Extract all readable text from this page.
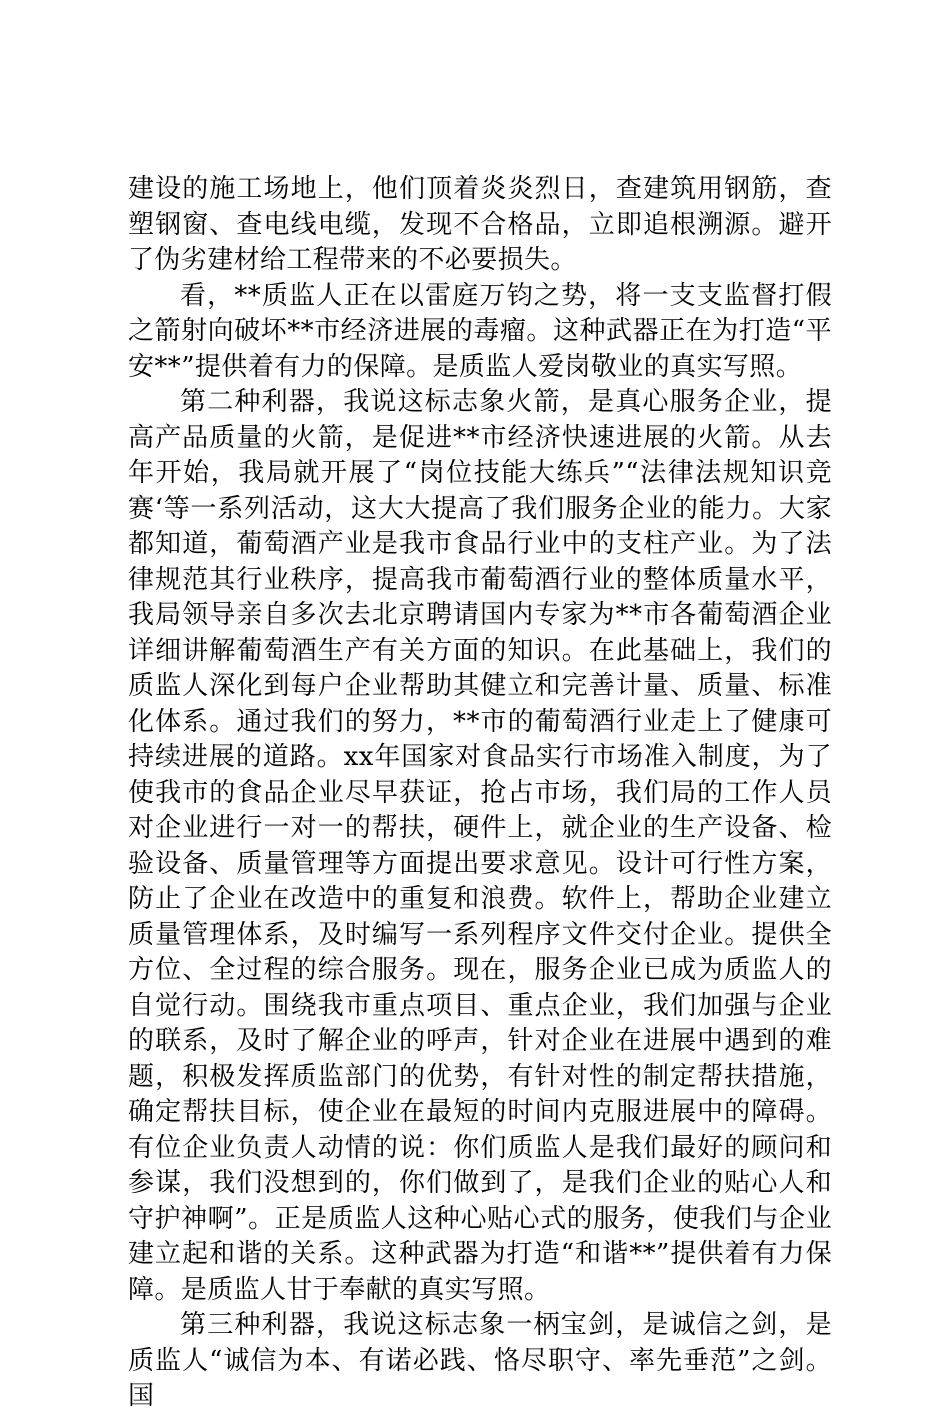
建设的施工场地上，他们顶着炎炎烈日，查建筑用钢筋，查塑钢窗、查电线电缆，发现不合格品，立即追根溯源。避开了伪劣建材给工程带来的不必要损失。

看，**质监人正在以雷庭万钧之势，将一支支监督打假之箭射向破坏**市经济进展的毒瘤。这种武器正在为打造“平安**”提供着有力的保障。是质监人爱岗敬业的真实写照。

第二种利器，我说这标志象火箭，是真心服务企业，提高产品质量的火箭，是促进**市经济快速进展的火箭。从去年开始，我局就开展了“岗位技能大练兵”“法律法规知识竞赛‘等一系列活动，这大大提高了我们服务企业的能力。大家都知道，葡萄酒产业是我市食品行业中的支柱产业。为了法律规范其行业秩序，提高我市葡萄酒行业的整体质量水平，我局领导亲自多次去北京聘请国内专家为**市各葡萄酒企业详细讲解葡萄酒生产有关方面的知识。在此基础上，我们的质监人深化到每户企业帮助其健立和完善计量、质量、标准化体系。通过我们的努力，**市的葡萄酒行业走上了健康可持续进展的道路。xx年国家对食品实行市场准入制度，为了使我市的食品企业尽早获证，抢占市场，我们局的工作人员对企业进行一对一的帮扶，硬件上，就企业的生产设备、检验设备、质量管理等方面提出要求意见。设计可行性方案，防止了企业在改造中的重复和浪费。软件上，帮助企业建立质量管理体系，及时编写一系列程序文件交付企业。提供全方位、全过程的综合服务。现在，服务企业已成为质监人的自觉行动。围绕我市重点项目、重点企业，我们加强与企业的联系，及时了解企业的呼声，针对企业在进展中遇到的难题，积极发挥质监部门的优势，有针对性的制定帮扶措施，确定帮扶目标，使企业在最短的时间内克服进展中的障碍。有位企业负责人动情的说：你们质监人是我们最好的顾问和参谋，我们没想到的，你们做到了，是我们企业的贴心人和守护神啊”。正是质监人这种心贴心式的服务，使我们与企业建立起和谐的关系。这种武器为打造“和谐**”提供着有力保障。是质监人甘于奉献的真实写照。

第三种利器，我说这标志象一柄宝剑，是诚信之剑，是质监人“诚信为本、有诺必践、恪尽职守、率先垂范”之剑。国
